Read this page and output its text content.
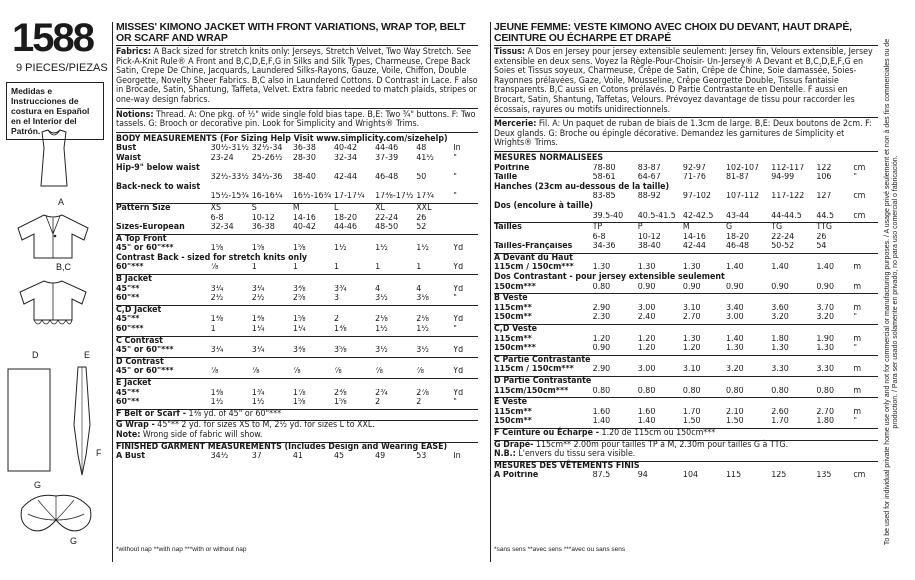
1588
9 PIECES/PIEZAS
Medidas e Instrucciones de costura en Español en el Interior del Patrón.
A
B,C
D	E
F
G
G
MISSES' KIMONO JACKET WITH FRONT VARIATIONS, WRAP TOP, BELT OR SCARF AND WRAP
Fabrics: A Back sized for stretch knits only: Jerseys, Stretch Velvet, Two Way Stretch. See Pick-A-Knit Rule® A Front and B,C,D,E,F,G in Silks and Silk Types, Charmeuse, Crepe Back Satin, Crepe De Chine, Jacquards, Laundered Silks-Rayons, Gauze, Voile, Chiffon, Double Georgette, Novelty Sheer Fabrics. B,C also in Laundered Cottons. D Contrast in Lace. F also in Brocade, Satin, Shantung, Taffeta, Velvet. Extra fabric needed to match plaids, stripes or one-way design fabrics.
Notions: Thread. A: One pkg. of ½" wide single fold bias tape. B,E: Two ¾" buttons. F: Two tassels. G: Brooch or decorative pin. Look for Simplicity and Wrights® Trims.
BODY MEASUREMENTS (For Sizing Help Visit www.simplicity.com/sizehelp)
Bust	30½-31½	32½-34	36-38	40-42	44-46	48	In
Waist	23-24	25-26½	28-30	32-34	37-39	41½	"
Hip-9" below waist							
	32½-33½	34½-36	38-40	42-44	46-48	50	"
Back-neck to waist							
	15½-15¾	16-16¼	16½-16¾	17-17¼	17⅜-17½	17¾	"
Pattern Size	XS	S	M	L	XL	XXL	
	6-8	10-12	14-16	18-20	22-24	26	
Sizes-European	32-34	36-38	40-42	44-46	48-50	52	
A Top Front
45" or 60"***	1⅝	1⅝	1⅝	1½	1½	1½	Yd
Contrast Back - sized for stretch knits only							
60"***	⅞	1	1	1	1	1	Yd
B Jacket
45"**	3¼	3¼	3⅜	3¾	4	4	Yd
60"**	2½	2½	2⅝	3	3½	3⅛	"
C,D Jacket
45"**	1⅜	1⅜	1⅝	2	2⅛	2⅛	Yd
60"***	1	1¼	1¼	1⅜	1½	1½	"
C Contrast
45" or 60"***	3¼	3¼	3⅜	3⅝	3½	3½	Yd
D Contrast
45" or 60"***	⅞	⅞	⅞	⅞	⅞	⅞	Yd
E Jacket
45"**	1⅜	1¾	1⅞	2⅜	2¾	2⅞	Yd
60"**	1½	1½	1⅝	1⅝	2	2	"
F Belt or Scarf - 1⅜ yd. of 45" or 60"***
G Wrap - 45"** 2 yd. for sizes XS to M, 2½ yd. for sizes L to XXL.
Note: Wrong side of fabric will show.
FINISHED GARMENT MEASUREMENTS (Includes Design and Wearing EASE)
A Bust	34½	37	41	45	49	53	In
*without nap **with nap ***with or without nap
JEUNE FEMME: VESTE KIMONO AVEC CHOIX DU DEVANT, HAUT DRAPÉ, CEINTURE OU ÉCHARPE ET DRAPÉ
Tissus: A Dos en Jersey pour jersey extensible seulement: Jersey fin, Velours extensible, Jersey extensible en deux sens. Voyez la Règle-Pour-Choisir- Un-Jersey® A Devant et B,C,D,E,F,G en Soies et Tissus soyeux, Charmeuse, Crêpe de Satin, Crêpe de Chine, Soie damassée, Soies-Rayonnes prélavées, Gaze, Voile, Mousseline, Crêpe Georgette Double, Tissus fantaisie transparents. B,C aussi en Cotons prélavés. D Partie Contrastante en Dentelle. F aussi en Brocart, Satin, Shantung, Taffetas, Velours. Prévoyez davantage de tissu pour raccorder les écossais, rayures ou motifs unidirectionnels.
Mercerie: Fil. A: Un paquet de ruban de biais de 1.3cm de large. B,E: Deux boutons de 2cm. F: Deux glands. G: Broche ou épingle décorative. Demandez les garnitures de Simplicity et Wrights® Trims.
MESURES NORMALISEES
Poitrine	78-80	83-87	92-97	102-107	112-117	122	cm
Taille	58-61	64-67	71-76	81-87	94-99	106	"
Hanches (23cm au-dessous de la taille)							
	83-85	88-92	97-102	107-112	117-122	127	cm
Dos (encolure à taille)							
	39.5-40	40.5-41.5	42-42.5	43-44	44-44.5	44.5	cm
Tailles	TP	P	M	G	TG	TTG	
	6-8	10-12	14-16	18-20	22-24	26	
Tailles-Françaises	34-36	38-40	42-44	46-48	50-52	54	
A Devant du Haut
115cm / 150cm***	1.30	1.30	1.30	1.40	1.40	1.40	m
Dos Contrastant - pour jersey extensible seulement							
150cm***	0.80	0.90	0.90	0.90	0.90	0.90	m
B Veste
115cm**	2.90	3.00	3.10	3.40	3.60	3.70	m
150cm**	2.30	2.40	2.70	3.00	3.20	3.20	"
C,D Veste
115cm**	1.20	1.20	1.30	1.40	1.80	1.90	m
150cm***	0.90	1.20	1.20	1.30	1.30	1.30	"
C Partie Contrastante
115cm / 150cm***	2.90	3.00	3.10	3.20	3.30	3.30	m
D Partie Contrastante
115cm/150cm***	0.80	0.80	0.80	0.80	0.80	0.80	m
E Veste
115cm**	1.60	1.60	1.70	2.10	2.60	2.70	m
150cm**	1.40	1.40	1.50	1.50	1.70	1.80	"
F Ceinture ou Écharpe - 1.20 de 115cm ou 150cm***
G Drapé- 115cm** 2.00m pour tailles TP à M, 2.30m pour tailles G à TTG.
N.B.: L'envers du tissu sera visible.
MESURES DES VÊTEMENTS FINIS
A Poitrine	87.5	94	104	115	125	135	cm
*sans sens **avec sens ***avec ou sans sens
To be used for individual private home use only and not for commercial or manufacturing purposes. / A usage privé seulement et non à des fins commerciales ou de production. / Para ser usado solamente en privado, no para uso comercial o fabricación.
